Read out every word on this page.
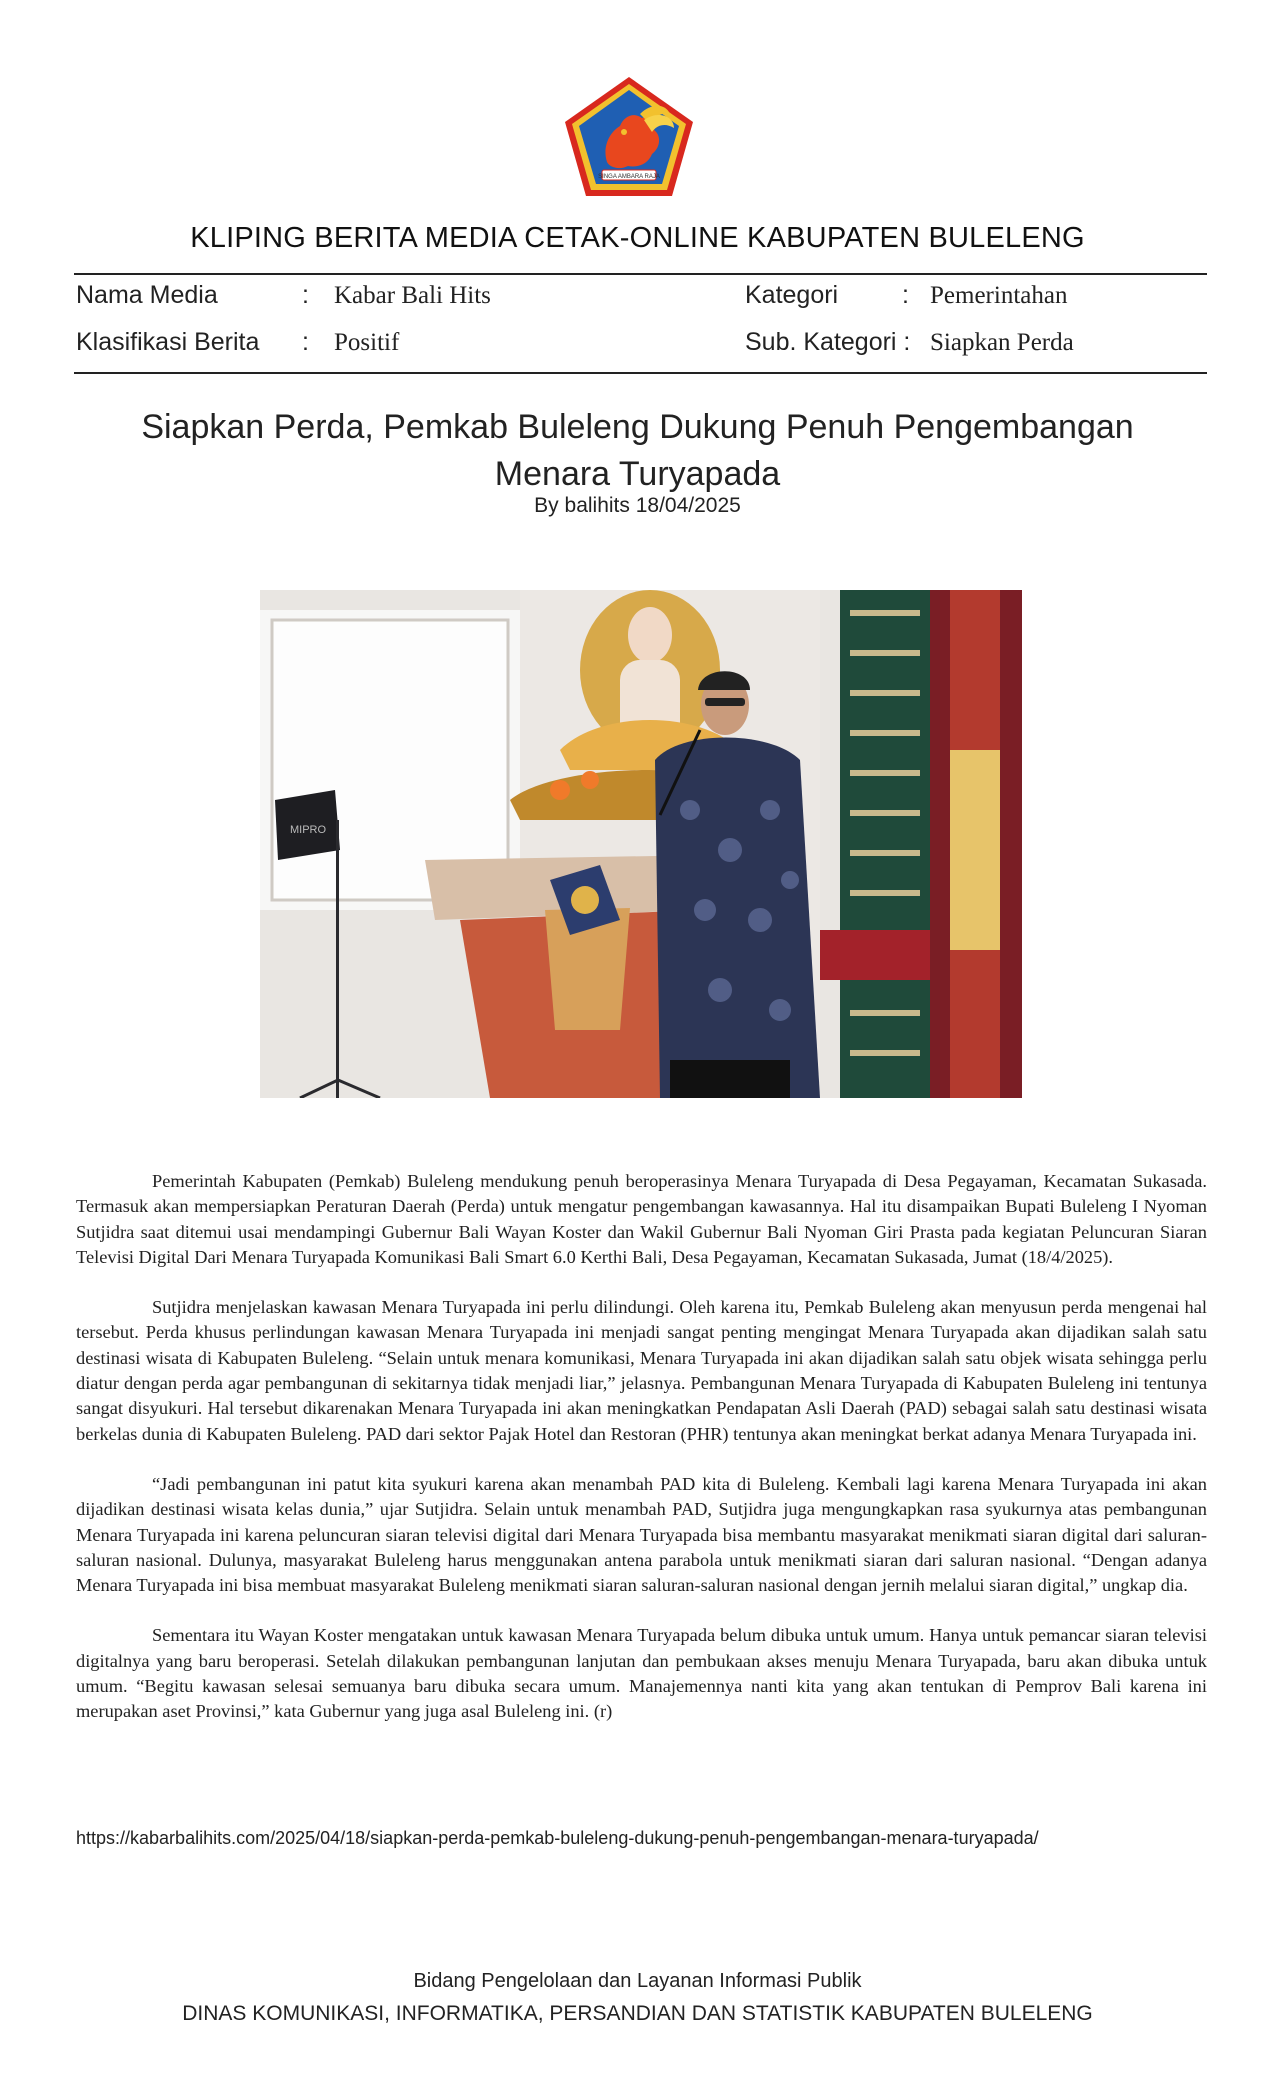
SINGA AMBARA RAJA
KLIPING BERITA MEDIA CETAK-ONLINE KABUPATEN BULELENG
Nama Media	: Kabar Bali Hits	Kategori	: Pemerintahan
Klasifikasi Berita : Positif	Sub. Kategori : Siapkan Perda
Siapkan Perda, Pemkab Buleleng Dukung Penuh Pengembangan
Menara Turyapada
By balihits 18/04/2025
MIPRO

Pemerintah Kabupaten (Pemkab) Buleleng mendukung penuh beroperasinya Menara Turyapada di Desa Pegayaman, Kecamatan Sukasada. Termasuk akan mempersiapkan Peraturan Daerah (Perda) untuk mengatur pengembangan kawasannya. Hal itu disampaikan Bupati Buleleng I Nyoman Sutjidra saat ditemui usai mendampingi Gubernur Bali Wayan Koster dan Wakil Gubernur Bali Nyoman Giri Prasta pada kegiatan Peluncuran Siaran Televisi Digital Dari Menara Turyapada Komunikasi Bali Smart 6.0 Kerthi Bali, Desa Pegayaman, Kecamatan Sukasada, Jumat (18/4/2025).

Sutjidra menjelaskan kawasan Menara Turyapada ini perlu dilindungi. Oleh karena itu, Pemkab Buleleng akan menyusun perda mengenai hal tersebut. Perda khusus perlindungan kawasan Menara Turyapada ini menjadi sangat penting mengingat Menara Turyapada akan dijadikan salah satu destinasi wisata di Kabupaten Buleleng. “Selain untuk menara komunikasi, Menara Turyapada ini akan dijadikan salah satu objek wisata sehingga perlu diatur dengan perda agar pembangunan di sekitarnya tidak menjadi liar,” jelasnya. Pembangunan Menara Turyapada di Kabupaten Buleleng ini tentunya sangat disyukuri. Hal tersebut dikarenakan Menara Turyapada ini akan meningkatkan Pendapatan Asli Daerah (PAD) sebagai salah satu destinasi wisata berkelas dunia di Kabupaten Buleleng. PAD dari sektor Pajak Hotel dan Restoran (PHR) tentunya akan meningkat berkat adanya Menara Turyapada ini.

“Jadi pembangunan ini patut kita syukuri karena akan menambah PAD kita di Buleleng. Kembali lagi karena Menara Turyapada ini akan dijadikan destinasi wisata kelas dunia,” ujar Sutjidra. Selain untuk menambah PAD, Sutjidra juga mengungkapkan rasa syukurnya atas pembangunan Menara Turyapada ini karena peluncuran siaran televisi digital dari Menara Turyapada bisa membantu masyarakat menikmati siaran digital dari saluran-saluran nasional. Dulunya, masyarakat Buleleng harus menggunakan antena parabola untuk menikmati siaran dari saluran nasional. “Dengan adanya Menara Turyapada ini bisa membuat masyarakat Buleleng menikmati siaran saluran-saluran nasional dengan jernih melalui siaran digital,” ungkap dia.

Sementara itu Wayan Koster mengatakan untuk kawasan Menara Turyapada belum dibuka untuk umum. Hanya untuk pemancar siaran televisi digitalnya yang baru beroperasi. Setelah dilakukan pembangunan lanjutan dan pembukaan akses menuju Menara Turyapada, baru akan dibuka untuk umum. “Begitu kawasan selesai semuanya baru dibuka secara umum. Manajemennya nanti kita yang akan tentukan di Pemprov Bali karena ini merupakan aset Provinsi,” kata Gubernur yang juga asal Buleleng ini. (r)

https://kabarbalihits.com/2025/04/18/siapkan-perda-pemkab-buleleng-dukung-penuh-pengembangan-menara-turyapada/
Bidang Pengelolaan dan Layanan Informasi Publik
DINAS KOMUNIKASI, INFORMATIKA, PERSANDIAN DAN STATISTIK KABUPATEN BULELENG
